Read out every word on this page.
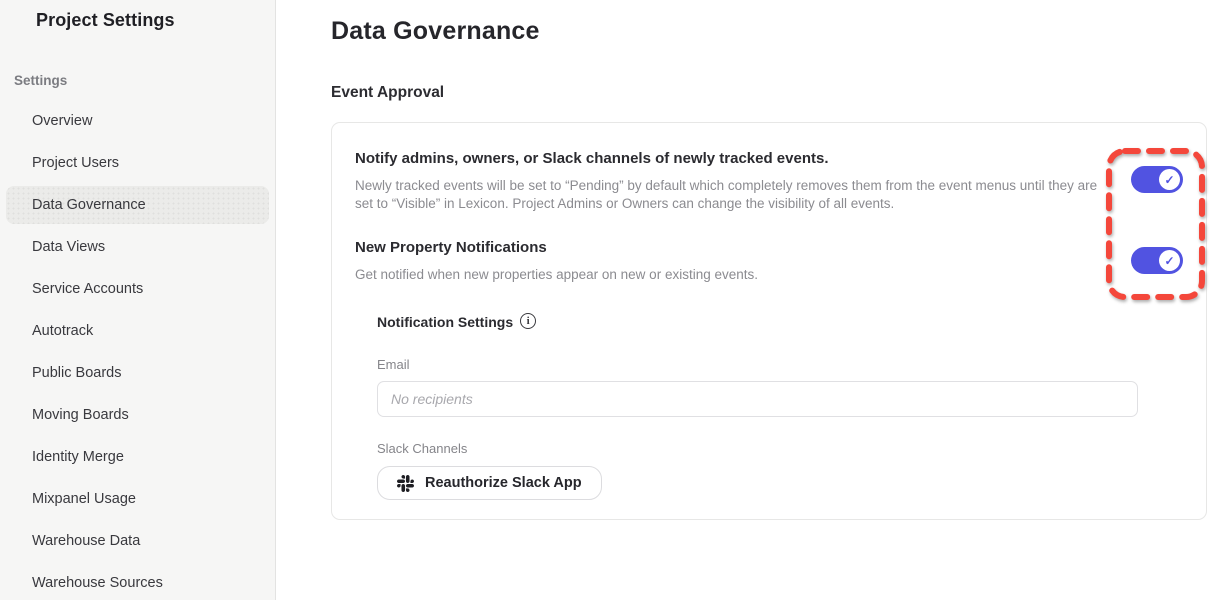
Project Settings
Settings
Overview
Project Users
Data Governance
Data Views
Service Accounts
Autotrack
Public Boards
Moving Boards
Identity Merge
Mixpanel Usage
Warehouse Data
Warehouse Sources
Data Governance
Event Approval
Notify admins, owners, or Slack channels of newly tracked events.

Newly tracked events will be set to “Pending” by default which completely removes them from the event menus until they are set to “Visible” in Lexicon. Project Admins or Owners can change the visibility of all events.

New Property Notifications

Get notified when new properties appear on new or existing events.

Notification Settings	i
Email
No recipients
Slack Channels
Reauthorize Slack App
✓
✓
